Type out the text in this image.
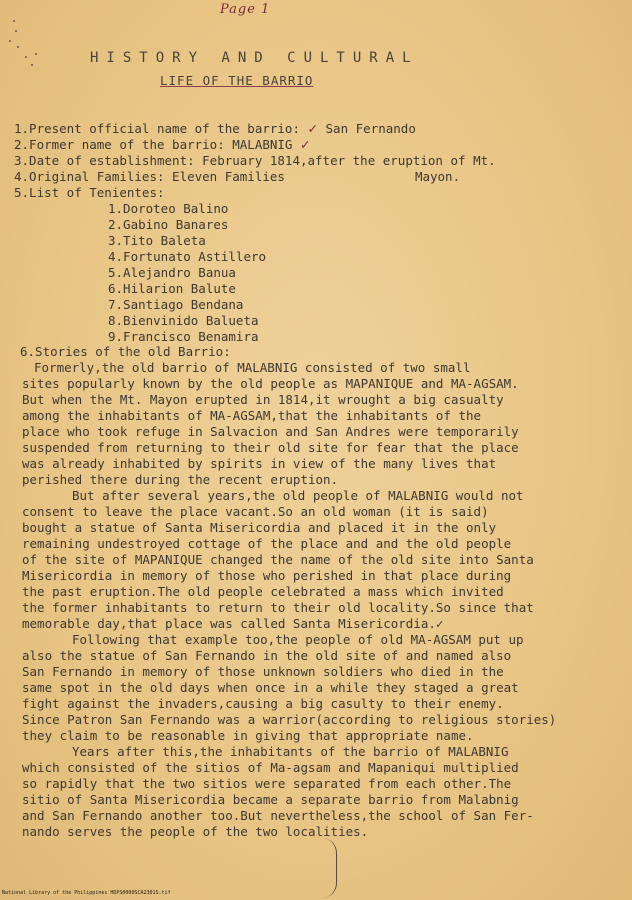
Page 1
HISTORY AND CULTURAL
LIFE OF THE BARRIO
1.Present official name of the barrio: ✓ San Fernando
2.Former name of the barrio: MALABNIG ✓
3.Date of establishment: February 1814,after the eruption of Mt.
4.Original Families: Eleven Families	Mayon.
5.List of Tenientes:
1.Doroteo Balino
2.Gabino Banares
3.Tito Baleta
4.Fortunato Astillero
5.Alejandro Banua
6.Hilarion Balute
7.Santiago Bendana
8.Bienvinido Balueta
9.Francisco Benamira
6.Stories of the old Barrio:
Formerly,the old barrio of MALABNIG consisted of two small
sites popularly known by the old people as MAPANIQUE and MA-AGSAM.
But when the Mt. Mayon erupted in 1814,it wrought a big casualty
among the inhabitants of MA-AGSAM,that the inhabitants of the
place who took refuge in Salvacion and San Andres were temporarily
suspended from returning to their old site for fear that the place
was already inhabited by spirits in view of the many lives that
perished there during the recent eruption.
But after several years,the old people of MALABNIG would not
consent to leave the place vacant.So an old woman (it is said)
bought a statue of Santa Misericordia and placed it in the only
remaining undestroyed cottage of the place and and the old people
of the site of MAPANIQUE changed the name of the old site into Santa
Misericordia in memory of those who perished in that place during
the past eruption.The old people celebrated a mass which invited
the former inhabitants to return to their old locality.So since that
memorable day,that place was called Santa Misericordia.✓
Following that example too,the people of old MA-AGSAM put up
also the statue of San Fernando in the old site of and named also
San Fernando in memory of those unknown soldiers who died in the
same spot in the old days when once in a while they staged a great
fight against the invaders,causing a big casulty to their enemy.
Since Patron San Fernando was a warrior(according to religious stories)
they claim to be reasonable in giving that appropriate name.
Years after this,the inhabitants of the barrio of MALABNIG
which consisted of the sitios of Ma-agsam and Mapaniqui multiplied
so rapidly that the two sitios were separated from each other.The
sitio of Santa Misericordia became a separate barrio from Malabnig
and San Fernando another too.But nevertheless,the school of San Fer-
nando serves the people of the two localities.
National Library of the Philippines HDPS0000SCA2301S.tif
